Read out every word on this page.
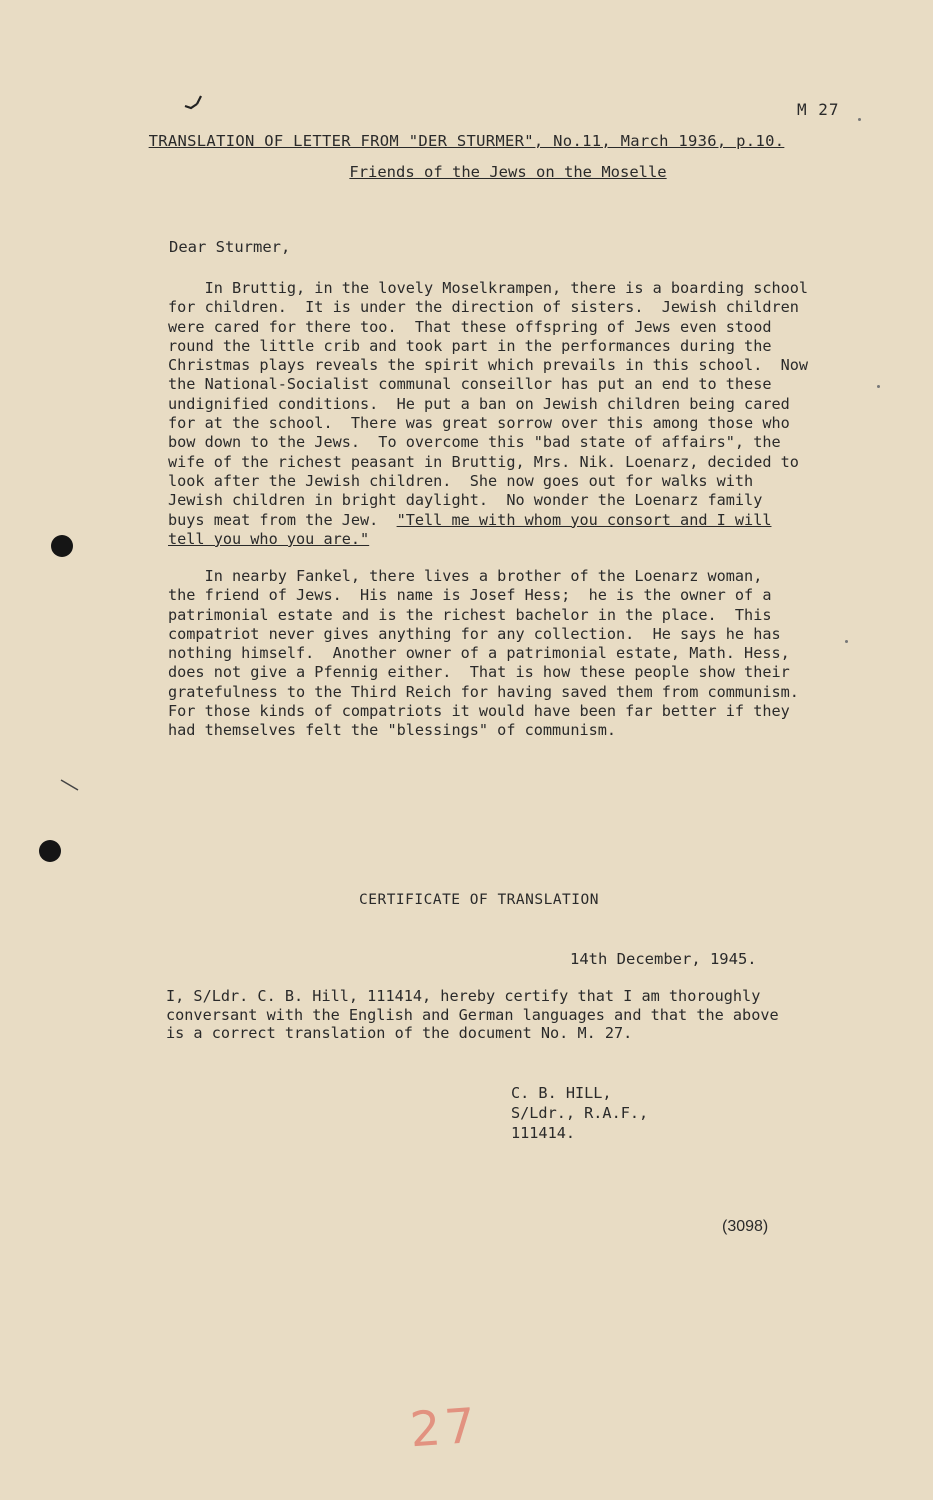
M 27
TRANSLATION OF LETTER FROM "DER STURMER", No.11, March 1936, p.10.
Friends of the Jews on the Moselle
Dear Sturmer,
In Bruttig, in the lovely Moselkrampen, there is a boarding school
for children.  It is under the direction of sisters.  Jewish children
were cared for there too.  That these offspring of Jews even stood
round the little crib and took part in the performances during the
Christmas plays reveals the spirit which prevails in this school.  Now
the National-Socialist communal conseillor has put an end to these
undignified conditions.  He put a ban on Jewish children being cared
for at the school.  There was great sorrow over this among those who
bow down to the Jews.  To overcome this "bad state of affairs", the
wife of the richest peasant in Bruttig, Mrs. Nik. Loenarz, decided to
look after the Jewish children.  She now goes out for walks with
Jewish children in bright daylight.  No wonder the Loenarz family
buys meat from the Jew.  "Tell me with whom you consort and I will
tell you who you are."
In nearby Fankel, there lives a brother of the Loenarz woman,
the friend of Jews.  His name is Josef Hess;  he is the owner of a
patrimonial estate and is the richest bachelor in the place.  This
compatriot never gives anything for any collection.  He says he has
nothing himself.  Another owner of a patrimonial estate, Math. Hess,
does not give a Pfennig either.  That is how these people show their
gratefulness to the Third Reich for having saved them from communism.
For those kinds of compatriots it would have been far better if they
had themselves felt the "blessings" of communism.
CERTIFICATE OF TRANSLATION
14th December, 1945.
I, S/Ldr. C. B. Hill, 111414, hereby certify that I am thoroughly
conversant with the English and German languages and that the above
is a correct translation of the document No. M. 27.
C. B. HILL,
S/Ldr., R.A.F.,
111414.
(3098)
27
